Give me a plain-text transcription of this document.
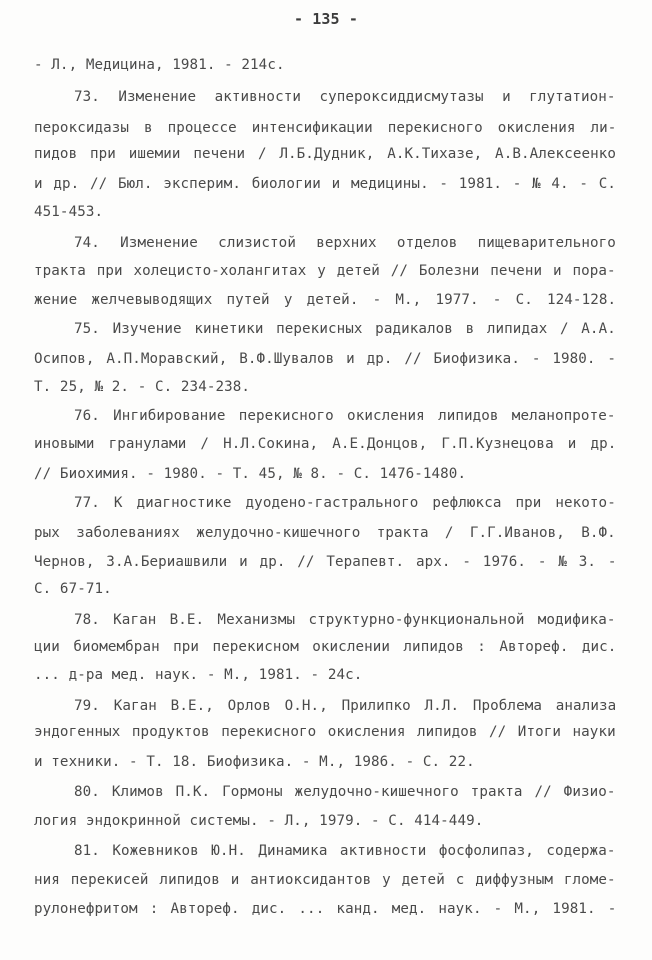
- 135 -
- Л., Медицина, 1981. - 214с.
73. Изменение активности супероксиддисмутазы и глутатион-
пероксидазы в процессе интенсификации перекисного окисления ли-
пидов при ишемии печени / Л.Б.Дудник, А.К.Тихазе, А.В.Алексеенко
и др. // Бюл. эксперим. биологии и медицины. - 1981. - № 4. - С.
451-453.
74. Изменение слизистой верхних отделов пищеварительного
тракта при холецисто-холангитах у детей // Болезни печени и пора-
жение желчевыводящих путей у детей. - М., 1977. - С. 124-128.
75. Изучение кинетики перекисных радикалов в липидах / А.А.
Осипов, А.П.Моравский, В.Ф.Шувалов и др. // Биофизика. - 1980. -
Т. 25, № 2. - С. 234-238.
76. Ингибирование перекисного окисления липидов меланопроте-
иновыми гранулами / Н.Л.Сокина, А.Е.Донцов, Г.П.Кузнецова и др.
// Биохимия. - 1980. - Т. 45, № 8. - С. 1476-1480.
77. К диагностике дуодено-гастрального рефлюкса при некото-
рых заболеваниях желудочно-кишечного тракта / Г.Г.Иванов, В.Ф.
Чернов, З.А.Бериашвили и др. // Терапевт. арх. - 1976. - № 3. -
С. 67-71.
78. Каган В.Е. Механизмы структурно-функциональной модифика-
ции биомембран при перекисном окислении липидов : Автореф. дис.
... д-ра мед. наук. - М., 1981. - 24с.
79. Каган В.Е., Орлов О.Н., Прилипко Л.Л. Проблема анализа
эндогенных продуктов перекисного окисления липидов // Итоги науки
и техники. - Т. 18. Биофизика. - М., 1986. - С. 22.
80. Климов П.К. Гормоны желудочно-кишечного тракта // Физио-
логия эндокринной системы. - Л., 1979. - С. 414-449.
81. Кожевников Ю.Н. Динамика активности фосфолипаз, содержа-
ния перекисей липидов и антиоксидантов у детей с диффузным гломе-
рулонефритом : Автореф. дис. ... канд. мед. наук. - М., 1981. -
